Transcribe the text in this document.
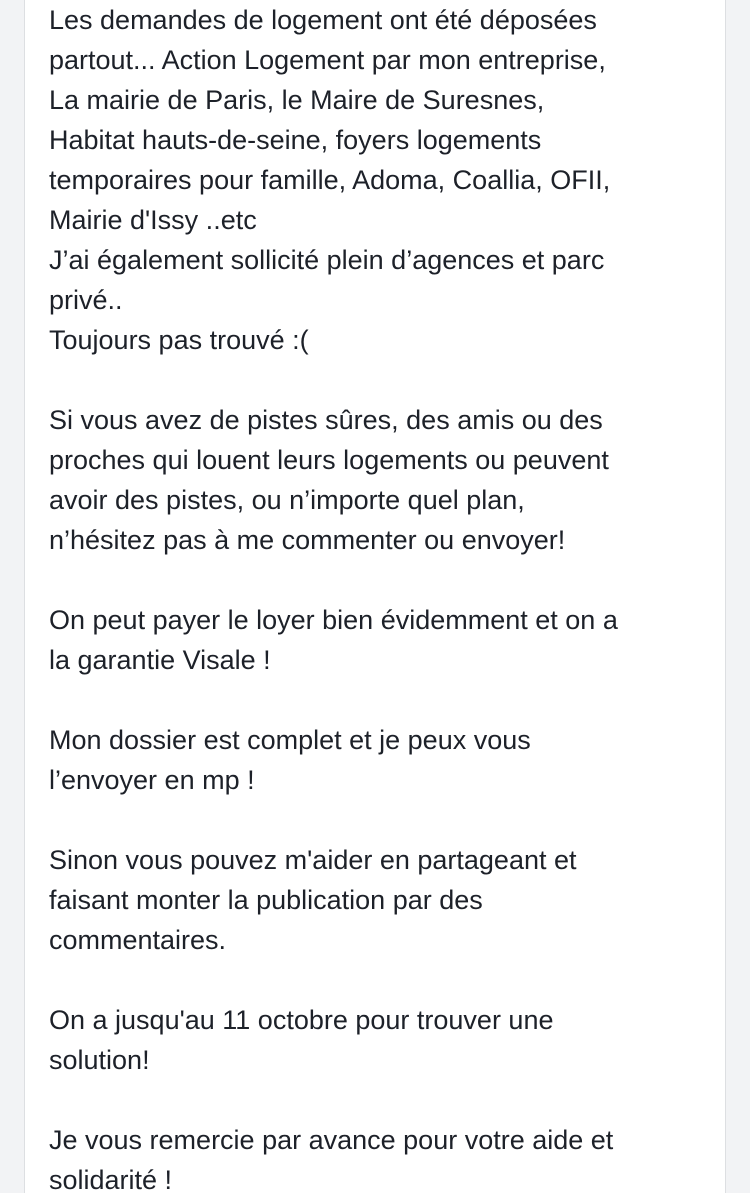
Les demandes de logement ont été déposées
partout... Action Logement par mon entreprise,
La mairie de Paris, le Maire de Suresnes,
Habitat hauts-de-seine, foyers logements
temporaires pour famille, Adoma, Coallia, OFII,
Mairie d'Issy ..etc
J’ai également sollicité plein d’agences et parc
privé..
Toujours pas trouvé :(
Si vous avez de pistes sûres, des amis ou des
proches qui louent leurs logements ou peuvent
avoir des pistes, ou n’importe quel plan,
n’hésitez pas à me commenter ou envoyer!
On peut payer le loyer bien évidemment et on a
la garantie Visale !
Mon dossier est complet et je peux vous
l’envoyer en mp !
Sinon vous pouvez m'aider en partageant et
faisant monter la publication par des
commentaires.
On a jusqu'au 11 octobre pour trouver une
solution!
Je vous remercie par avance pour votre aide et
solidarité !
